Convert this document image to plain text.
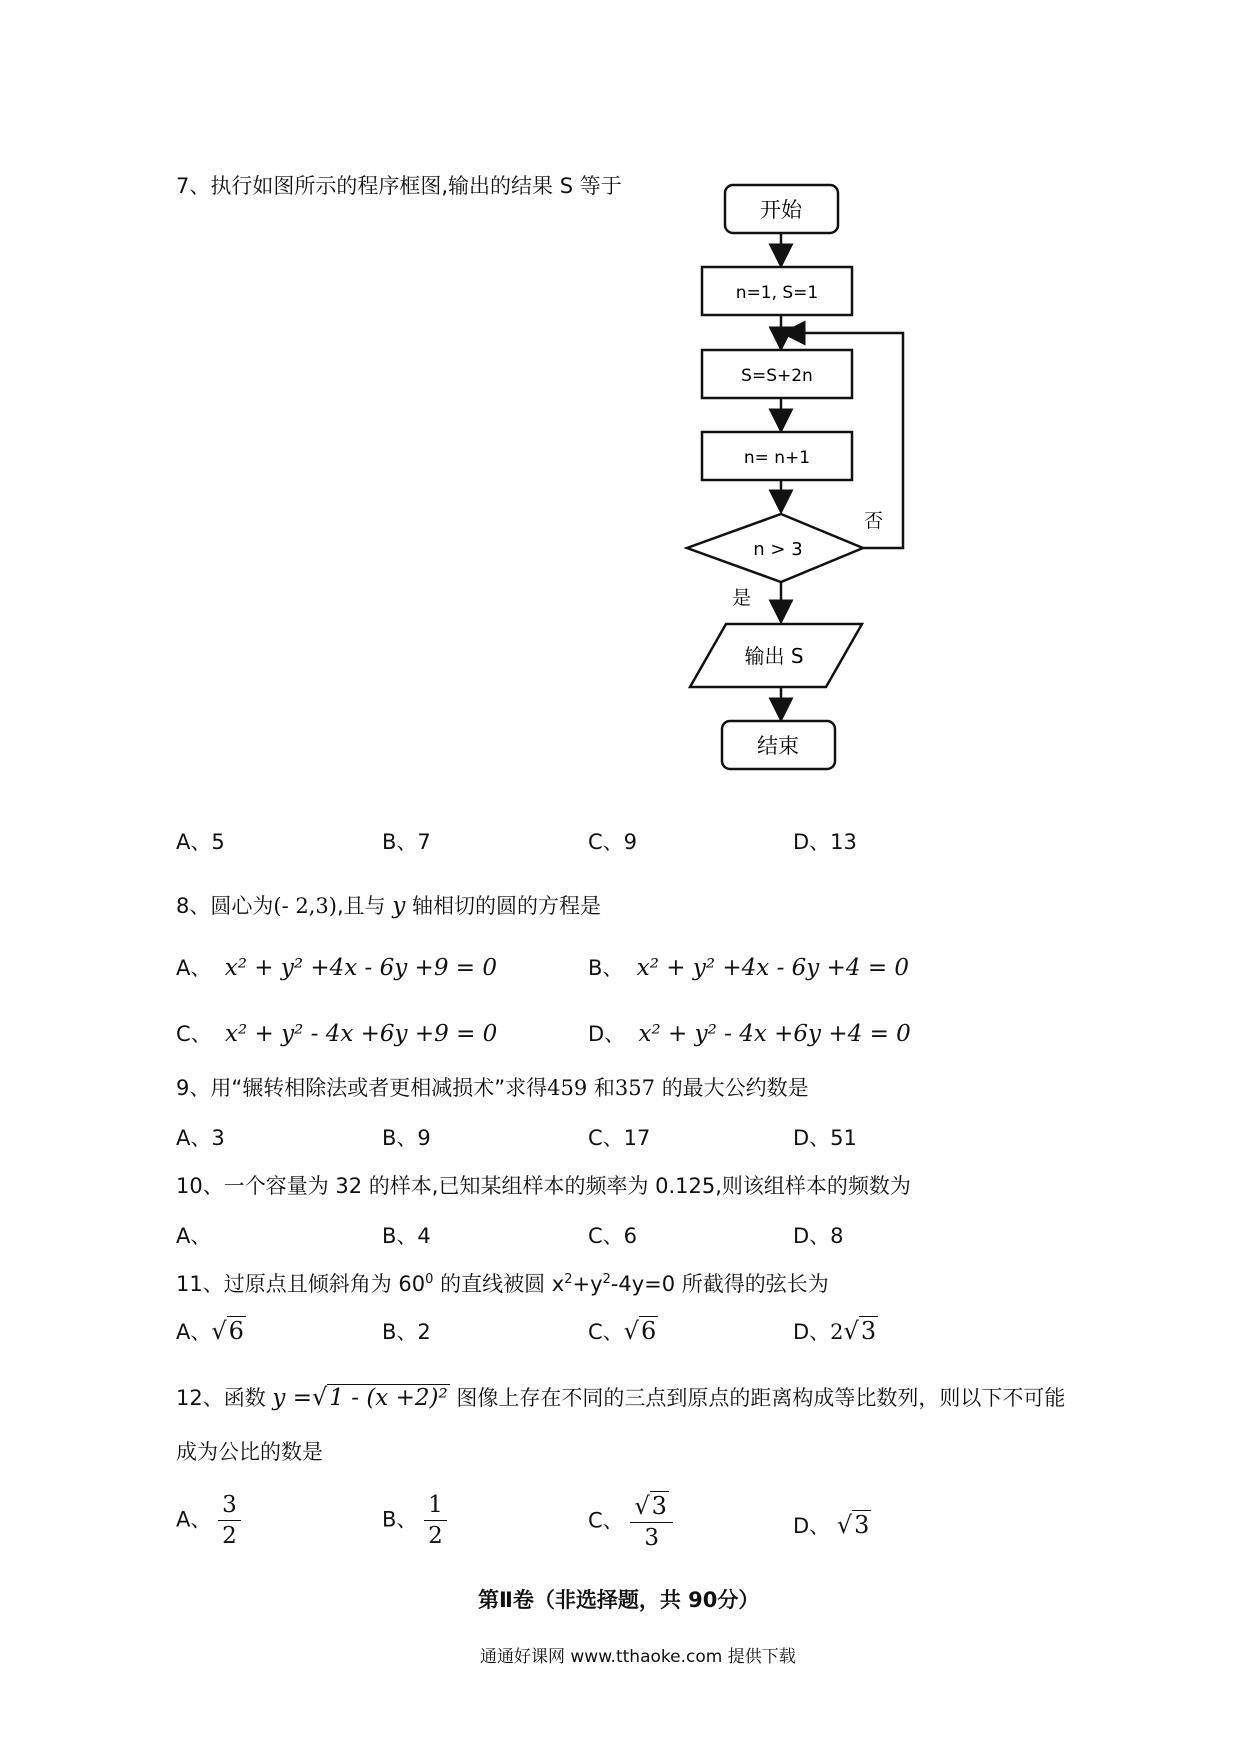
7、执行如图所示的程序框图,输出的结果 S 等于
开始
n=1, S=1
S=S+2n
n= n+1
n > 3
否
是
输出 S
结束
A、5	B、7	C、9	D、13
8、圆心为(- 2,3),且与 y 轴相切的圆的方程是
A、 x² + y² +4x - 6y +9 = 0	B、 x² + y² +4x - 6y +4 = 0
C、 x² + y² - 4x +6y +9 = 0	D、 x² + y² - 4x +6y +4 = 0
9、用“辗转相除法或者更相减损术”求得459 和357 的最大公约数是
A、3	B、9	C、17	D、51
10、一个容量为 32 的样本,已知某组样本的频率为 0.125,则该组样本的频数为
A、	B、4	C、6	D、8
11、过原点且倾斜角为 $60^0$ 的直线被圆 $x^2+y^2-4y=0$ 所截得的弦长为
A、√6	B、2	C、√6	D、2√3
12、函数 y =√1 - (x +2)² 图像上存在不同的三点到原点的距离构成等比数列，则以下不可能
成为公比的数是
A、 $\frac{3}{2}$	B、 $\frac{1}{2}$	C、 $\frac{√3}{3}$	D、 √3
第Ⅱ卷（非选择题，共 90分）
通通好课网 www.tthaoke.com 提供下载
